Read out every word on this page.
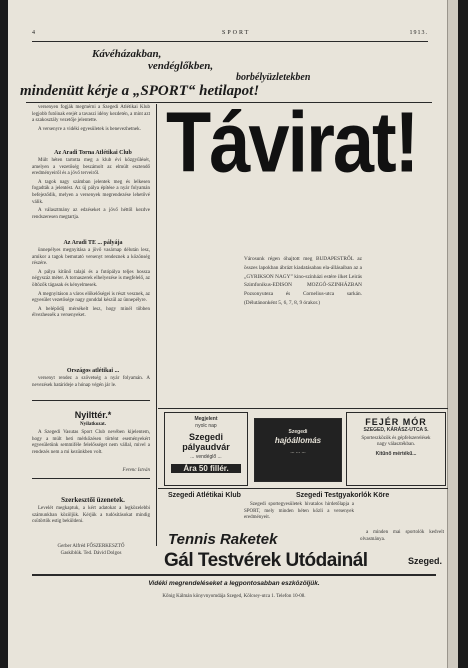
4	SPORT	1913.
Kávéházakban,
vendéglőkben,
borbélyüzletekben
mindenütt kérje a „SPORT“ hetilapot!

versenyen fogják megmérni a Szegedi Atlétikai Klub legjobb futóinak erejét a tavaszi idény kezdetén, a mint azt a szakosztály vezetője jelentette.

A versenyre a vidéki egyesületek is benevezhetnek.

Az Aradi Torna Atlétikai Club

Múlt héten tartotta meg a klub évi közgyűlését, amelyen a vezetőség beszámolt az elmúlt esztendő eredményeiről és a jövő terveiről.

A tagok nagy számban jelentek meg és lelkesen fogadták a jelentést. Az új pálya építése a nyár folyamán befejeződik, melyen a versenyek megrendezése lehetővé válik.

A választmány az edzéseket a jövő héttől kezdve rendszeresen megtartja.

Az Aradi TE ... pályája

ünnepélyes megnyitása a jövő vasárnap délután lesz, amikor a tagok bemutató versenyt rendeznek a közönség részére.

A pálya kitűnő talajú és a futópálya teljes hossza négyszáz méter. A tornaszerek elhelyezése is megfelelő, az öltözők tágasak és kényelmesek.

A megnyitáson a város előkelőségei is részt vesznek, az egyesület vezetősége nagy gonddal készül az ünnepélyre.

A belépődíj mérsékelt lesz, hogy minél többen élvezhessék a versenyeket.

Országos atlétikai ...

versenyt rendez a szövetség a nyár folyamán. A nevezések határideje a hónap végén jár le.

Nyilttér.*
Nyilatkozat.

A Szegedi Vasutas Sport Club nevében kijelentem, hogy a múlt heti mérkőzésen történt eseményekért egyesületünk semmiféle felelősséget nem vállal, mivel a rendezés nem a mi kezünkben volt.

Ferenc István
Szerkesztői üzenetek.

Levelét megkaptuk, a kért adatokat a legközelebbi számunkban közöljük. Kérjük a tudósításokat mindig csütörtök estig beküldeni.

Gerber Alfréd FŐSZERKESZTŐ
Gaskiblúk. Ted. Dávid Dolgos
Távirat!
Városunk régen óhajtott meg BUDAPESTRŐL az összes lapokban ábrázt kiadatásabau ela-állásaiban az a „GYRIKSON NAGY” kino-színházi estére ilket Leirás Szimfonikus-EDISON MOZGÓ-SZINHÁZBAN Pozsonyuteza és Cornelius-utca sarkán. (Délutánonként 5, 6, 7, 8, 9 órakor.)
Megjelent
nyolc nap
Szegedi pályaudvár
... vendéglő ...
Ára 50 fillér.
Szegedi
hajóállomás
... ... ...
FEJÉR MÓR
SZEGED, KÁRÁSZ-UTCA 5.
Sporteszközök és gépfelszerelések
nagy választékban.
Kitűnő mértékű...
Szegedi Atlétikai Klub	Szegedi Testgyakorlók Köre

Szegedi sportegyesületek hivatalos hirdetőlapja a SPORT, mely minden héten közli a versenyek eredményeit.

a minden mai sportolók kedvelt olvasmánya.

Tennis Raketek
Gál Testvérek Utódainál	Szeged.
Vidéki megrendeléseket a legpontosabban eszközöljük.
Kőnig Kálmán könyvnyomdája Szeged, Kölcsey-utca 1. Telefon 10-08.
